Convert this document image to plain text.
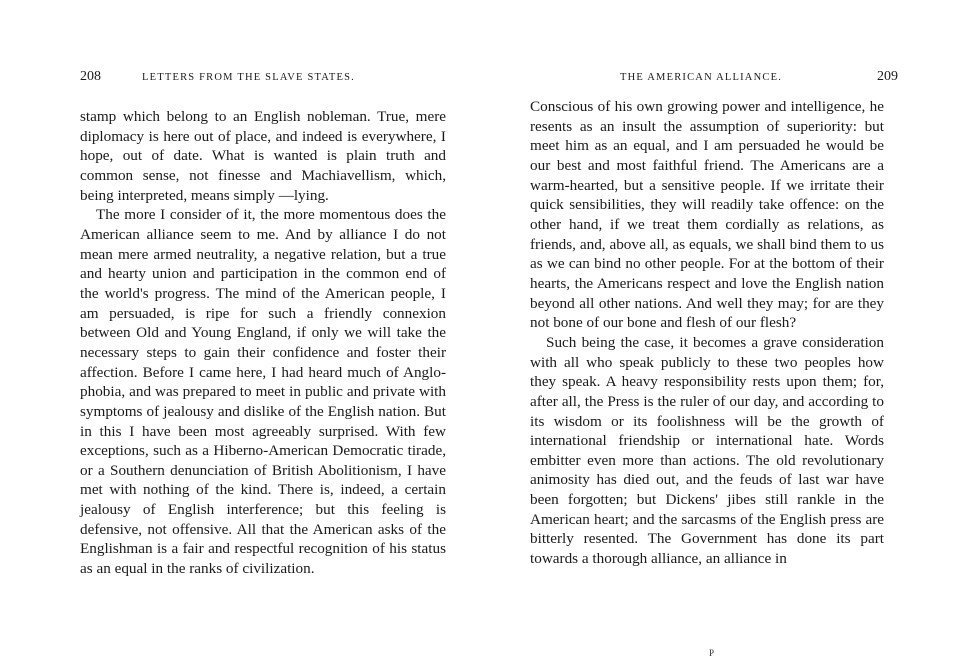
208	LETTERS FROM THE SLAVE STATES.

stamp which belong to an English nobleman. True, mere diplomacy is here out of place, and indeed is everywhere, I hope, out of date. What is wanted is plain truth and common sense, not finesse and Machiavellism, which, being interpreted, means simply —lying.

The more I consider of it, the more momentous does the American alliance seem to me. And by alliance I do not mean mere armed neutrality, a negative relation, but a true and hearty union and participation in the common end of the world's progress. The mind of the American people, I am persuaded, is ripe for such a friendly connexion between Old and Young England, if only we will take the necessary steps to gain their confidence and foster their affection. Before I came here, I had heard much of Anglo-phobia, and was prepared to meet in public and private with symptoms of jealousy and dislike of the English nation. But in this I have been most agreeably surprised. With few exceptions, such as a Hiberno-American Democratic tirade, or a Southern denunciation of British Abolitionism, I have met with nothing of the kind. There is, indeed, a certain jealousy of English interference; but this feeling is defensive, not offensive. All that the American asks of the Englishman is a fair and respectful recognition of his status as an equal in the ranks of civilization.

THE AMERICAN ALLIANCE.	209

Conscious of his own growing power and intelligence, he resents as an insult the assumption of superiority: but meet him as an equal, and I am persuaded he would be our best and most faithful friend. The Americans are a warm-hearted, but a sensitive people. If we irritate their quick sensibilities, they will readily take offence: on the other hand, if we treat them cordially as relations, as friends, and, above all, as equals, we shall bind them to us as we can bind no other people. For at the bottom of their hearts, the Americans respect and love the English nation beyond all other nations. And well they may; for are they not bone of our bone and flesh of our flesh?

Such being the case, it becomes a grave consideration with all who speak publicly to these two peoples how they speak. A heavy responsibility rests upon them; for, after all, the Press is the ruler of our day, and according to its wisdom or its foolishness will be the growth of international friendship or international hate. Words embitter even more than actions. The old revolutionary animosity has died out, and the feuds of last war have been forgotten; but Dickens' jibes still rankle in the American heart; and the sarcasms of the English press are bitterly resented. The Government has done its part towards a thorough alliance, an alliance in

P
